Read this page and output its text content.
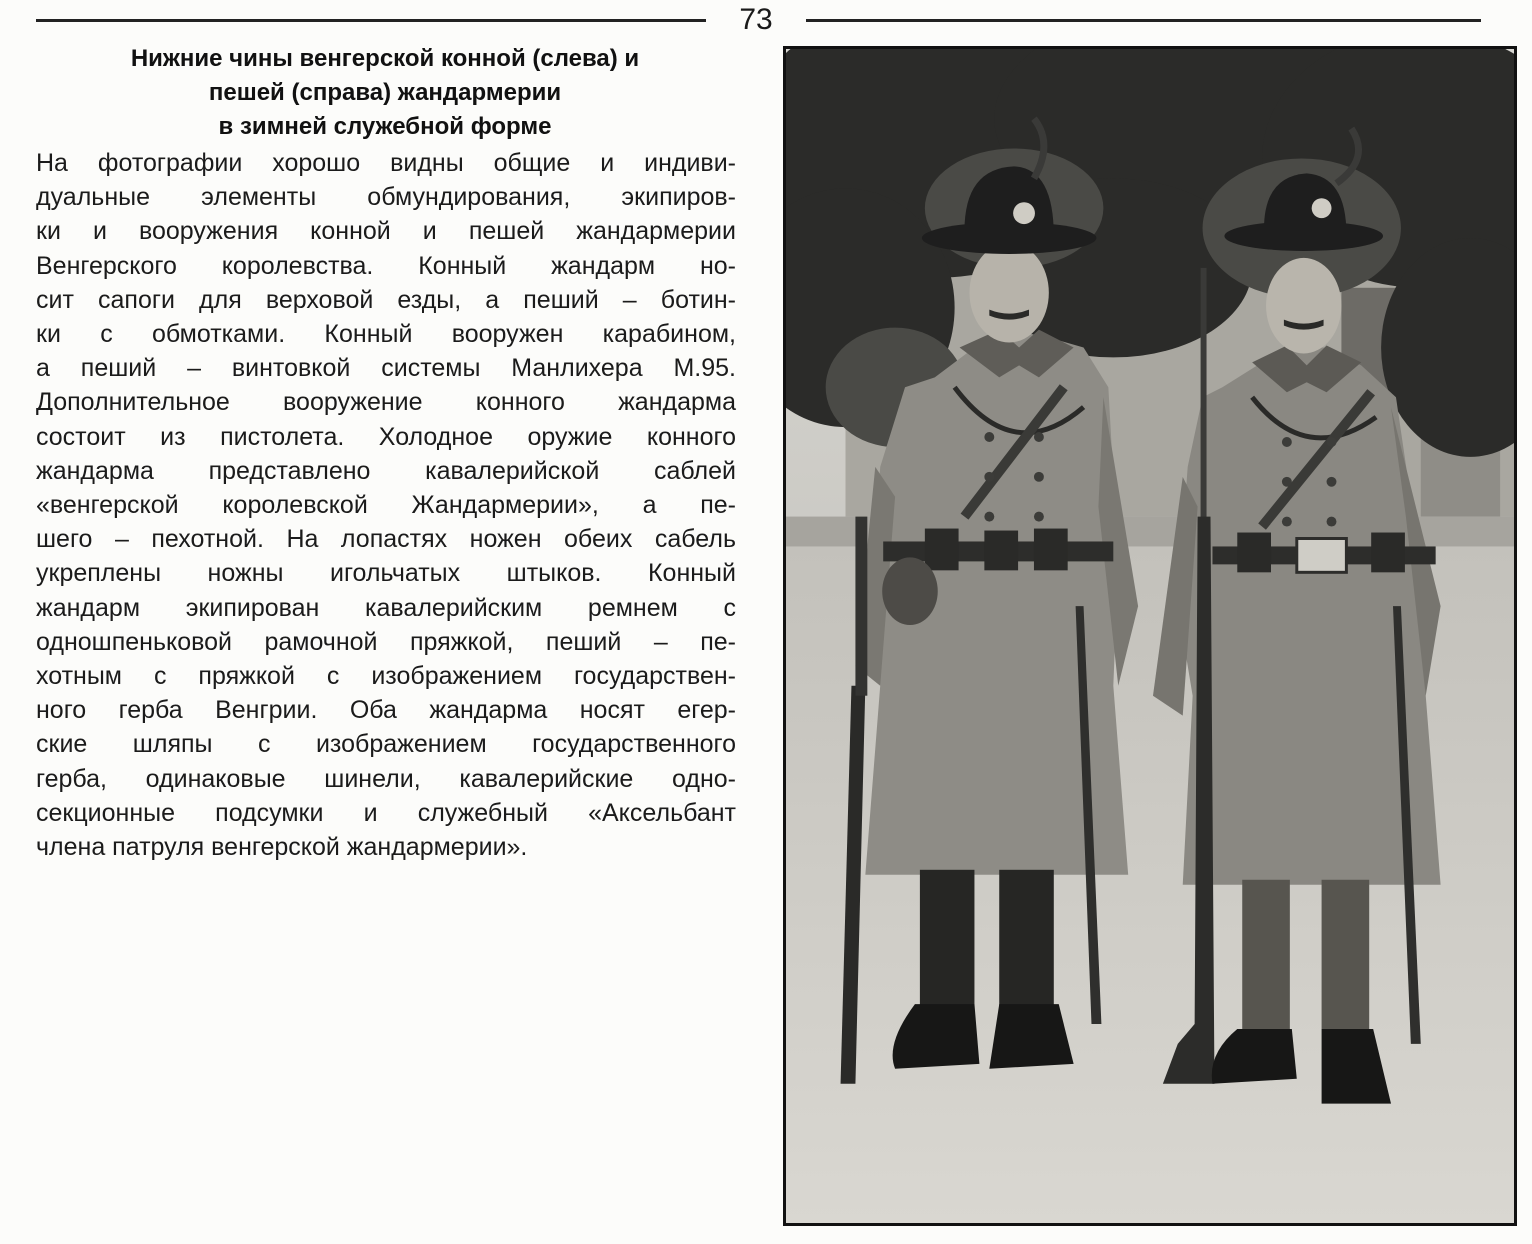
73
Нижние чины венгерской конной (слева) и
пешей (справа) жандармерии
в зимней служебной форме
На фотографии хорошо видны общие и индиви-
дуальные элементы обмундирования, экипиров-
ки и вооружения конной и пешей жандармерии
Венгерского королевства. Конный жандарм но-
сит сапоги для верховой езды, а пеший – ботин-
ки с обмотками. Конный вооружен карабином,
а пеший – винтовкой системы Манлихера М.95.
Дополнительное вооружение конного жандарма
состоит из пистолета. Холодное оружие конного
жандарма представлено кавалерийской саблей
«венгерской королевской Жандармерии», а пе-
шего – пехотной. На лопастях ножен обеих сабель
укреплены ножны игольчатых штыков. Конный
жандарм экипирован кавалерийским ремнем с
одношпеньковой рамочной пряжкой, пеший – пе-
хотным с пряжкой с изображением государствен-
ного герба Венгрии. Оба жандарма носят егер-
ские шляпы с изображением государственного
герба, одинаковые шинели, кавалерийские одно-
секционные подсумки и служебный «Аксельбант
члена патруля венгерской жандармерии».
